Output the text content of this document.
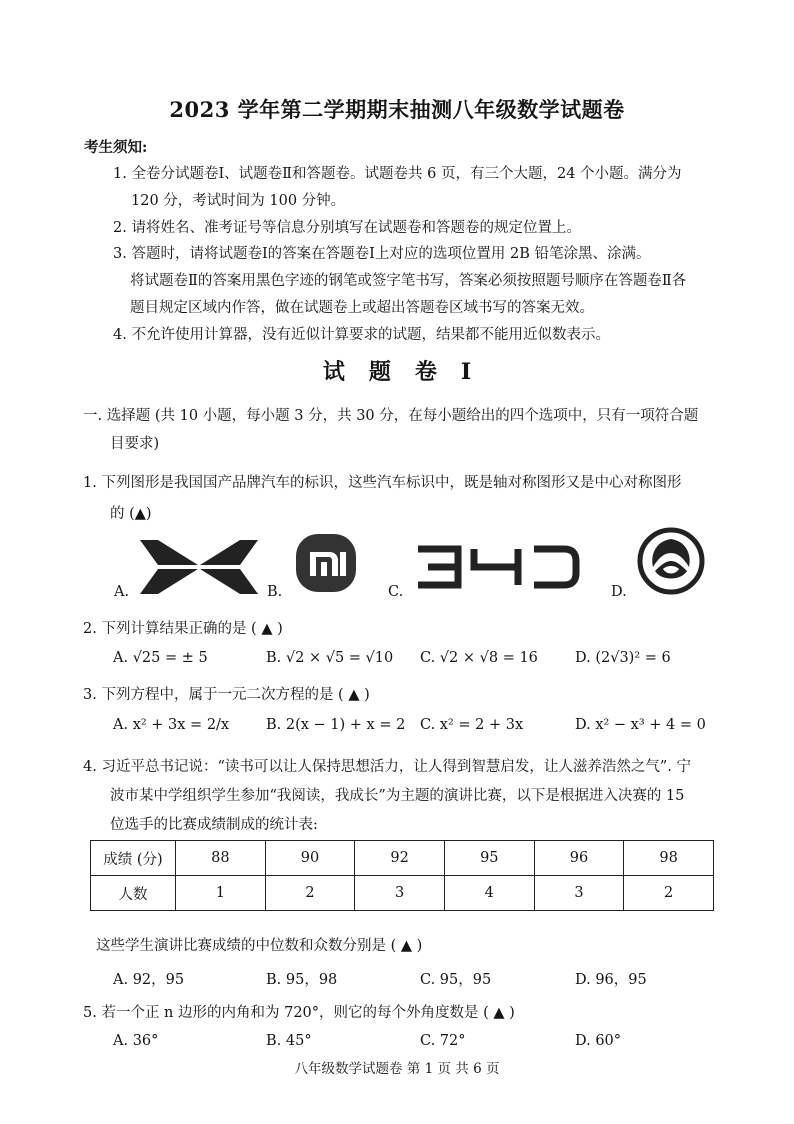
2023 学年第二学期期末抽测八年级数学试题卷
考生须知:
1. 全卷分试题卷Ⅰ、试题卷Ⅱ和答题卷。试题卷共 6 页，有三个大题，24 个小题。满分为
120 分，考试时间为 100 分钟。
2. 请将姓名、准考证号等信息分别填写在试题卷和答题卷的规定位置上。
3. 答题时，请将试题卷Ⅰ的答案在答题卷Ⅰ上对应的选项位置用 2B 铅笔涂黑、涂满。
将试题卷Ⅱ的答案用黑色字迹的钢笔或签字笔书写，答案必须按照题号顺序在答题卷Ⅱ各
题目规定区域内作答，做在试题卷上或超出答题卷区域书写的答案无效。
4. 不允许使用计算器，没有近似计算要求的试题，结果都不能用近似数表示。
试题卷Ⅰ
一. 选择题 (共 10 小题，每小题 3 分，共 30 分，在每小题给出的四个选项中，只有一项符合题
目要求)
1. 下列图形是我国国产品牌汽车的标识，这些汽车标识中，既是轴对称图形又是中心对称图形
的 (▲)
A.	B.	C.	D.
2. 下列计算结果正确的是 ( ▲ )
A. √25 = ± 5	B. √2 × √5 = √10 C. √2 × √8 = 16	D. (2√3)² = 6
3. 下列方程中，属于一元二次方程的是 ( ▲ )
A. x² + 3x = 2/x	B. 2(x − 1) + x = 2 C. x² = 2 + 3x	D. x² − x³ + 4 = 0
4. 习近平总书记说：“读书可以让人保持思想活力，让人得到智慧启发，让人滋养浩然之气”. 宁
波市某中学组织学生参加“我阅读，我成长”为主题的演讲比赛，以下是根据进入决赛的 15
位选手的比赛成绩制成的统计表:
成绩 (分)	88	90	92	95	96	98
人数	1	2	3	4	3	2
这些学生演讲比赛成绩的中位数和众数分别是 ( ▲ )
A. 92，95	B. 95，98	C. 95，95	D. 96，95
5. 若一个正 n 边形的内角和为 720°，则它的每个外角度数是 ( ▲ )
A. 36°	B. 45°	C. 72°	D. 60°
八年级数学试题卷 第 1 页 共 6 页
